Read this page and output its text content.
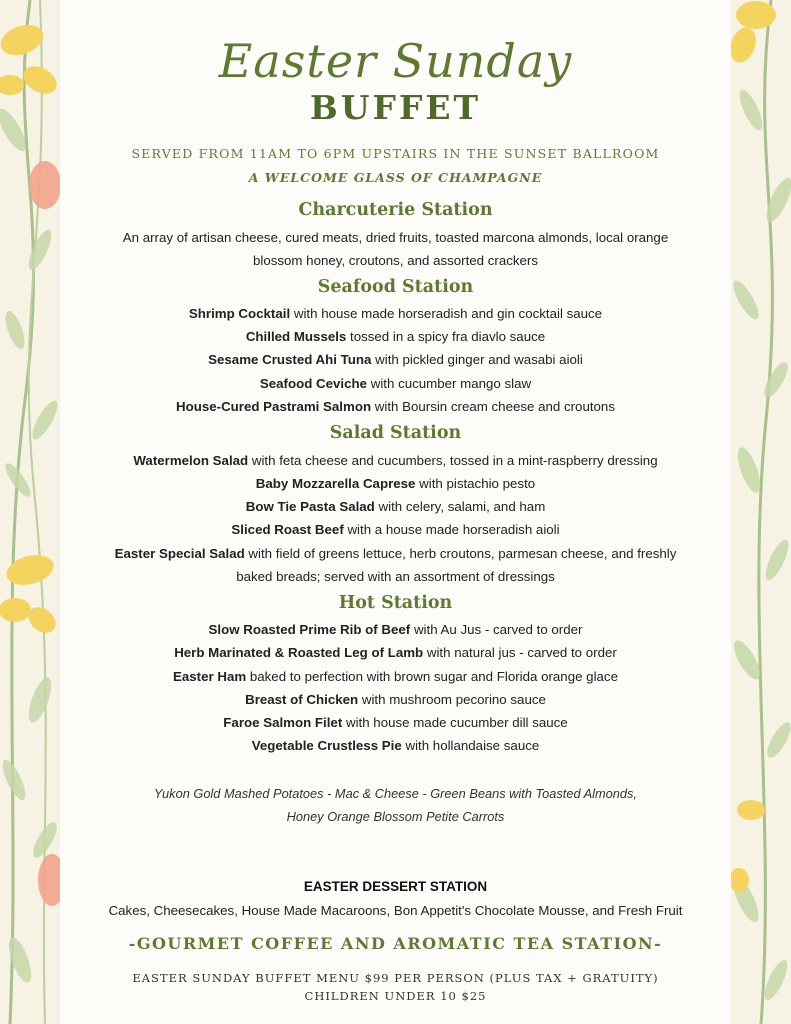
Easter Sunday
BUFFET
SERVED FROM 11AM TO 6PM UPSTAIRS IN THE SUNSET BALLROOM
A WELCOME GLASS OF CHAMPAGNE
Charcuterie Station
An array of artisan cheese, cured meats, dried fruits, toasted marcona almonds, local orange
blossom honey, croutons, and assorted crackers
Seafood Station
Shrimp Cocktail with house made horseradish and gin cocktail sauce
Chilled Mussels tossed in a spicy fra diavlo sauce
Sesame Crusted Ahi Tuna with pickled ginger and wasabi aioli
Seafood Ceviche with cucumber mango slaw
House-Cured Pastrami Salmon with Boursin cream cheese and croutons
Salad Station
Watermelon Salad with feta cheese and cucumbers, tossed in a mint-raspberry dressing
Baby Mozzarella Caprese with pistachio pesto
Bow Tie Pasta Salad with celery, salami, and ham
Sliced Roast Beef with a house made horseradish aioli
Easter Special Salad with field of greens lettuce, herb croutons, parmesan cheese, and freshly
baked breads; served with an assortment of dressings
Hot Station
Slow Roasted Prime Rib of Beef with Au Jus - carved to order
Herb Marinated & Roasted Leg of Lamb with natural jus - carved to order
Easter Ham baked to perfection with brown sugar and Florida orange glace
Breast of Chicken with mushroom pecorino sauce
Faroe Salmon Filet with house made cucumber dill sauce
Vegetable Crustless Pie with hollandaise sauce
Yukon Gold Mashed Potatoes - Mac & Cheese - Green Beans with Toasted Almonds,
Honey Orange Blossom Petite Carrots
EASTER DESSERT STATION
Cakes, Cheesecakes, House Made Macaroons, Bon Appetit's Chocolate Mousse, and Fresh Fruit
-GOURMET COFFEE AND AROMATIC TEA STATION-
EASTER SUNDAY BUFFET MENU $99 PER PERSON (PLUS TAX + GRATUITY)
CHILDREN UNDER 10 $25
